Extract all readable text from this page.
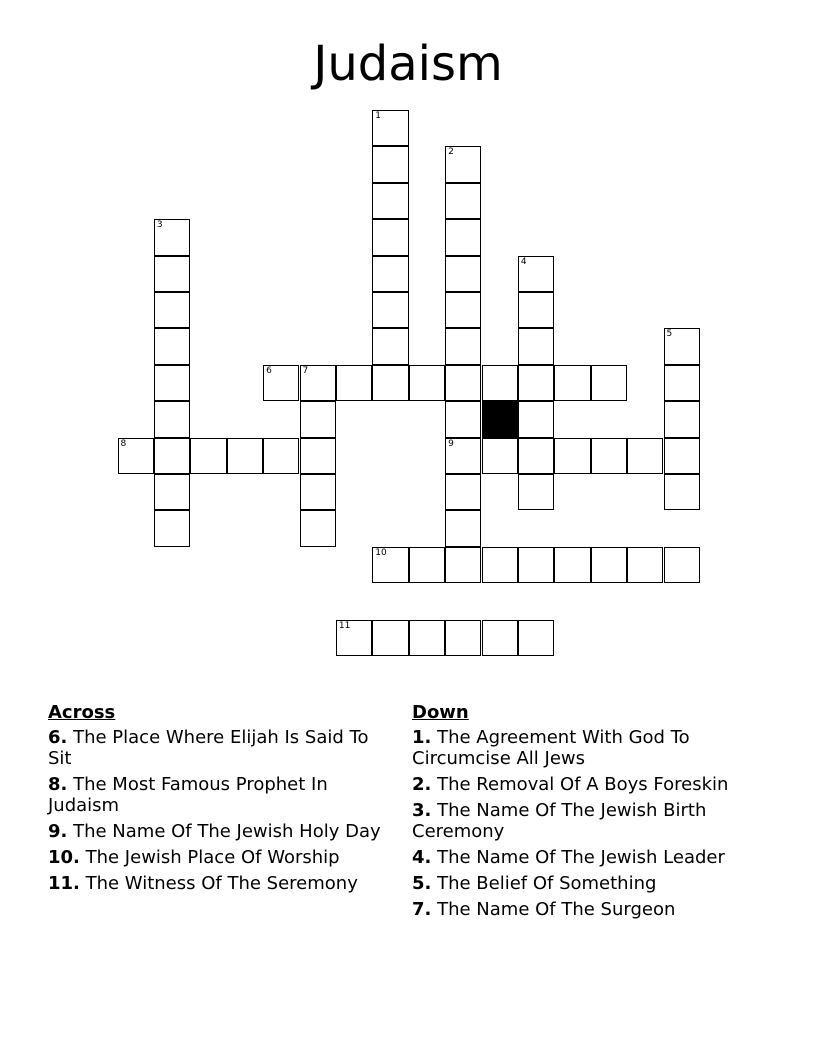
Judaism
1
2
9
3
4
5
6	7
8
10
11
Across
6. The Place Where Elijah Is Said To Sit
8. The Most Famous Prophet In Judaism
9. The Name Of The Jewish Holy Day
10. The Jewish Place Of Worship
11. The Witness Of The Seremony
Down
1. The Agreement With God To Circumcise All Jews
2. The Removal Of A Boys Foreskin
3. The Name Of The Jewish Birth Ceremony
4. The Name Of The Jewish Leader
5. The Belief Of Something
7. The Name Of The Surgeon
